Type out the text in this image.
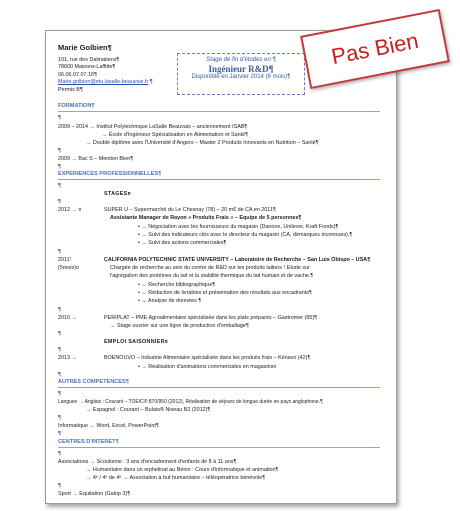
Pas Bien
Marie Golbien¶
101, rue des Dalmatiens¶
78600 Maisons-Laffitte¶
06.06.07.07.16¶
Marie.golbien@etu.lasalle-beauvais.fr ¶
Permis B¶
Stage de fin d'études en ¶
Ingénieur R&D¶
Disponible en Janvier 2014 (6 mois)¶
FORMATION¶
¶
2009 – 2014 → Institut Polytechnique LaSalle Beauvais – anciennement ISAB¶
→ École d'Ingénieur Spécialisation en Alimentation et Santé¶
→ Double diplôme avec l'Université d'Angers – Master 2 Produits Innovants en Nutrition – Santé¶
¶
2009 → Bac S – Mention Bien¶
¶
EXPERIENCES PROFESSIONNELLES¶
¶
STAGES¤
¶
2012 → ¤	SUPER U – Supermarché du Le Chesnay (78) – 20 m€ de CA en 2011¶
Assistante Manager de Rayon « Produits Frais » – Equipe de 5 personnes¶
• → Négociation avec les fournisseurs du magasin (Danone, Unilever, Kraft Foods)¶
• → Suivi des indicateurs clés avec le directeur du magasin (CA, démarques inconnues),¶
• → Suivi des actions commerciales¶
¶
2011¹
(5mois)¤
CALIFORNIA POLYTECHNIC STATE UNIVERSITY – Laboratoire de Recherche – San Luis Obispo – USA¶
Chargée de recherche au sein du centre de R&D sur les produits laitiers ¹ Etude sur
l'agrégation des protéines du lait et la stabilité thermique du lait humain et de vache.¶
• → Recherche bibliographique¶
• → Rédaction de livrables et présentation des résultats aux encadrants¶
• → Analyse de données ¶
¶
2010 →	PERIPLAT – PME Agroalimentaire spécialisée dans les plats préparés – Gastromer (85)¶
→ Stage ouvrier sur une ligne de production d'emballage¶
¶
EMPLOI SAISONNIER¤
¶
2013 →	BOENOUVO – Industrie Alimentaire spécialisée dans les produits frais – Kénavo (42)¶
• → Réalisation d'animations commerciales en magasins¤
¶
AUTRES COMPETENCES¶
¶
Langues → Anglais : Courant – TOEIC® 870/950 (2012), Réalisation de séjours de longue durée en pays anglophone.¶
→ Espagnol : Courant – Bulats® Niveau B2 (2012)¶
¶
Informatique → Word, Excel, PowerPoint¶
¶
CENTRES D'INTERET¶
¶
Associations → Scoutisme : 3 ans d'encadrement d'enfants de 8 à 11 ans¶
→ Humanitaire dans un orphelinat au Bénin : Cours d'informatique et animation¶
→ 4ᵉ / 4ᵉ de 4ᵉ → Association à but humanitaire – téléopératrice bénévole¶
¶
Sport → Equitation (Galop 3)¶
